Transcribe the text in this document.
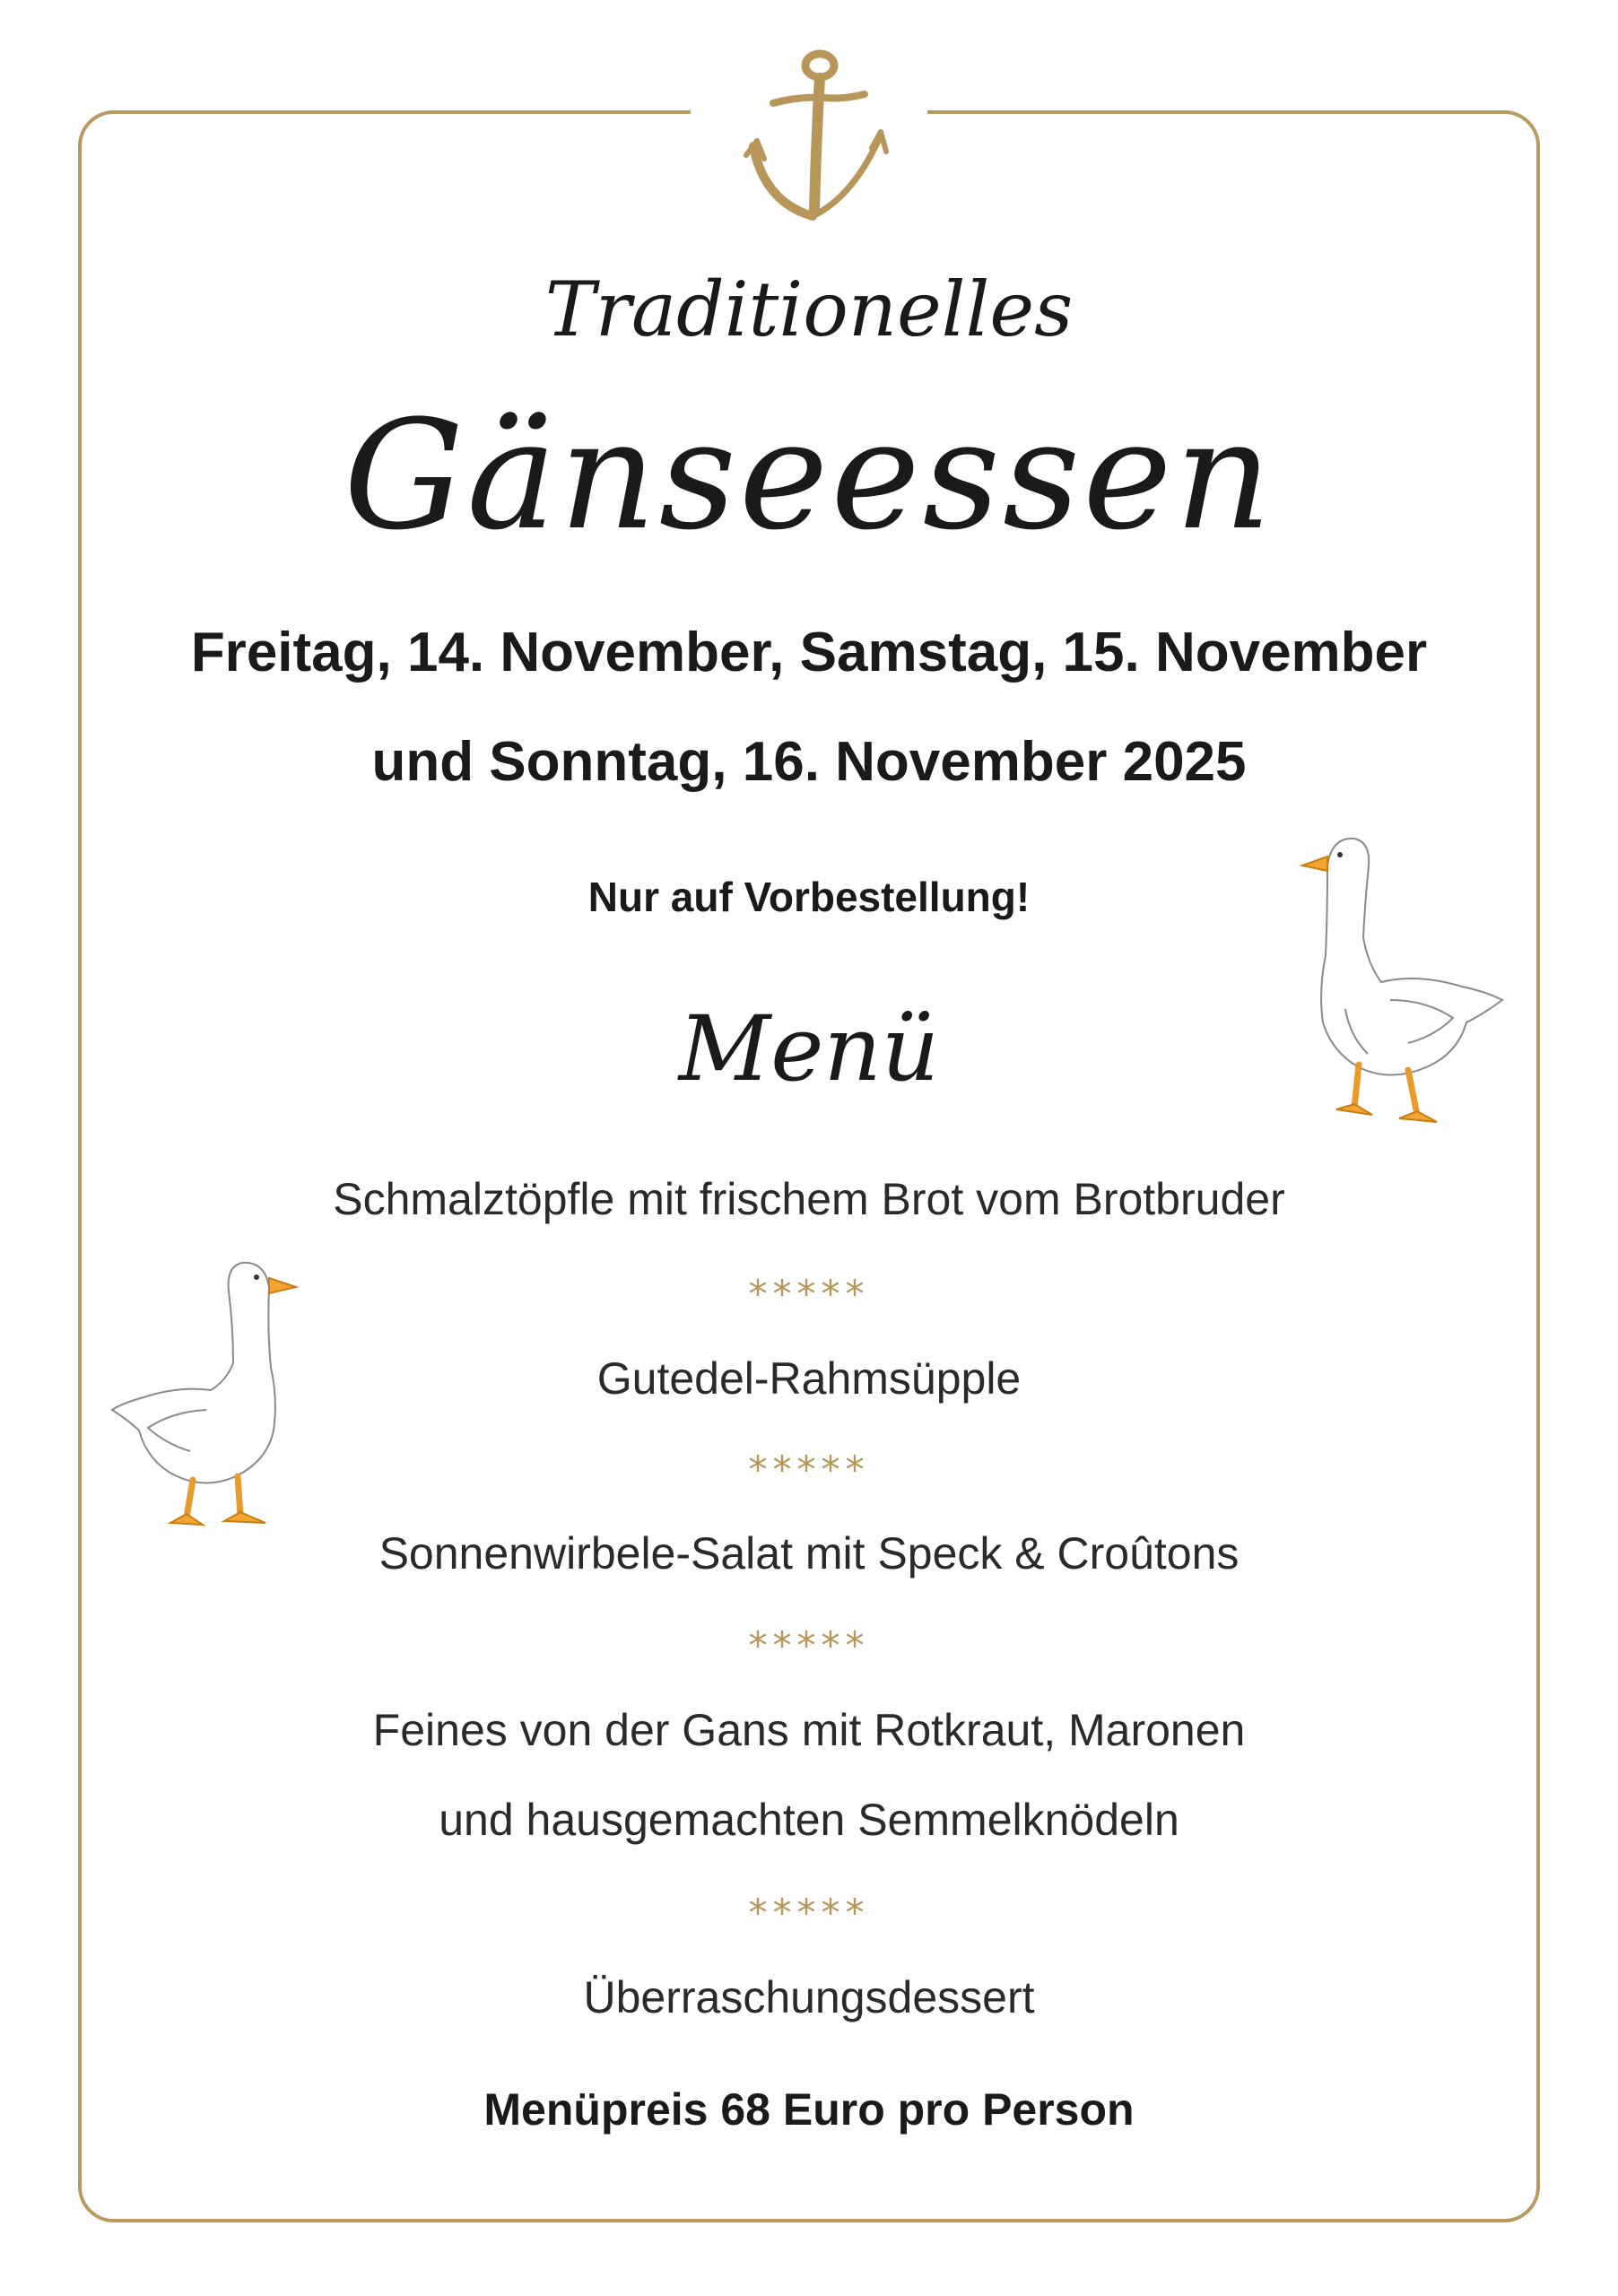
Traditionelles
Gänseessen
Freitag, 14. November, Samstag, 15. November
und Sonntag, 16. November 2025
Nur auf Vorbestellung!
Menü
Schmalztöpfle mit frischem Brot vom Brotbruder
*****
Gutedel-Rahmsüpple
*****
Sonnenwirbele-Salat mit Speck & Croûtons
*****
Feines von der Gans mit Rotkraut, Maronen
und hausgemachten Semmelknödeln
*****
Überraschungsdessert
Menüpreis 68 Euro pro Person
